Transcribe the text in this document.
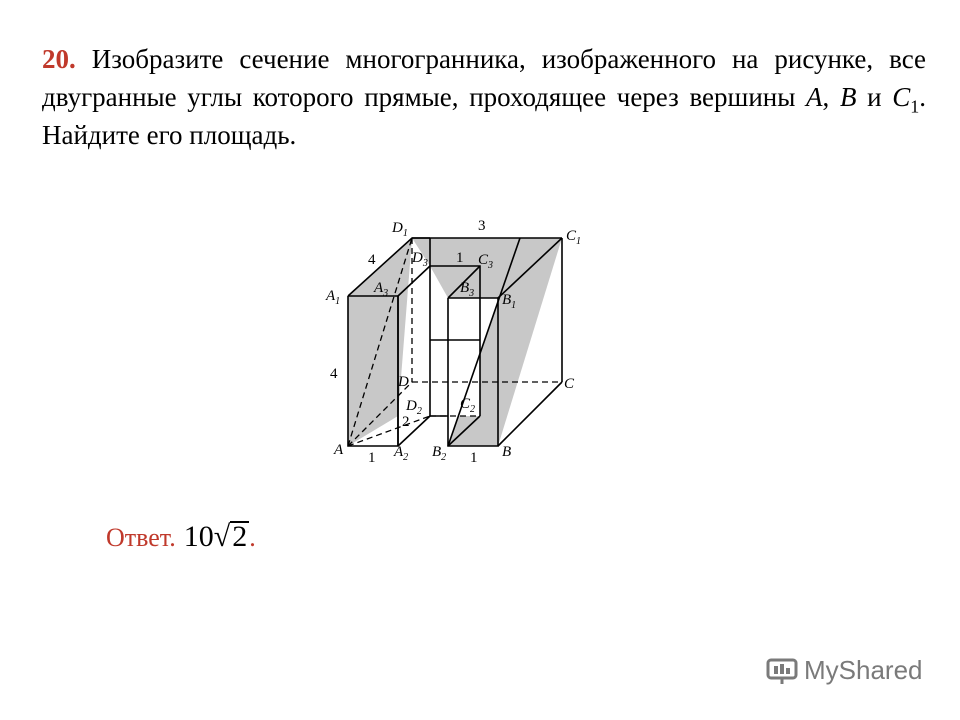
20. Изобразите сечение многогранника, изображенного на рисунке, все двугранные углы которого прямые, проходящее через вершины A, B и $C_1$. Найдите его площадь.
$D_1$
$D_3$
$C_1$
$C_3$
$A_1$
$A_3$	$B_3$ $B_1$
D	C
$D_2$	$C_2$
A	$A_2$ $B_2$	B
3
4	1
4
2
1	1
Ответ. 10√2.
MyShared
